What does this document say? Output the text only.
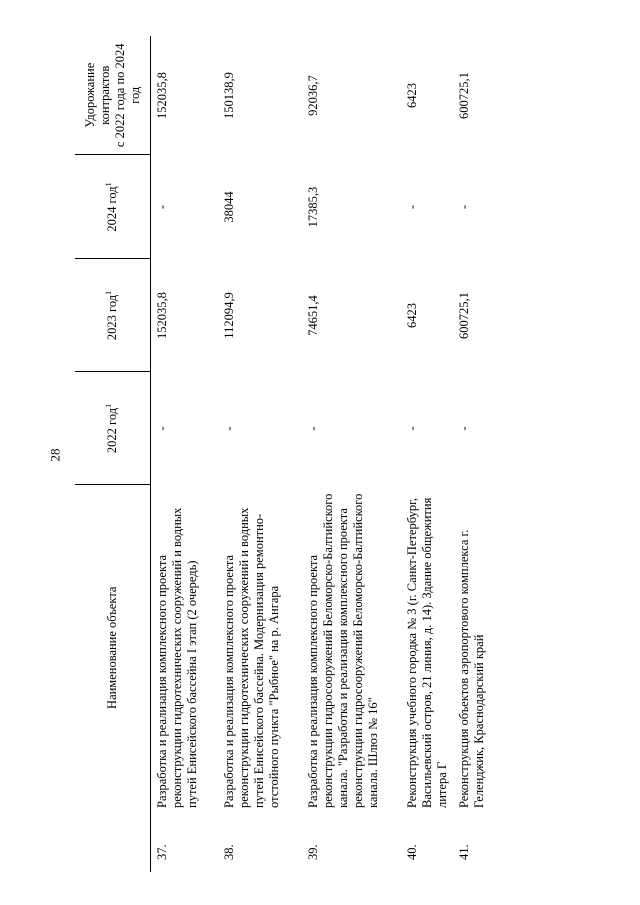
28
	Наименование объекта	2022 год$^1$	2023 год$^1$	2024 год$^1$	Удорожание контрактов с 2022 года по 2024 год

37.	Разработка и реализация комплексного проекта реконструкции гидротехнических сооружений и водных путей Енисейского бассейна I этап (2 очередь)	-	152035,8	-	152035,8
38.	Разработка и реализация комплексного проекта реконструкции гидротехнических сооружений и водных путей Енисейского бассейна. Модернизация ремонтно-отстойного пункта "Рыбное" на р. Ангара	-	112094,9	38044	150138,9
39.	Разработка и реализация комплексного проекта реконструкции гидросооружений Беломорско-Балтийского канала. "Разработка и реализация комплексного проекта реконструкции гидросооружений Беломорско-Балтийского канала. Шлюз № 16"	-	74651,4	17385,3	92036,7
40.	Реконструкция учебного городка № 3 (г. Санкт-Петербург, Васильевский остров, 21 линия, д. 14). Здание общежития литера Г	-	6423	-	6423
41.	Реконструкция объектов аэропортового комплекса г. Геленджик, Краснодарский край	-	600725,1	-	600725,1
